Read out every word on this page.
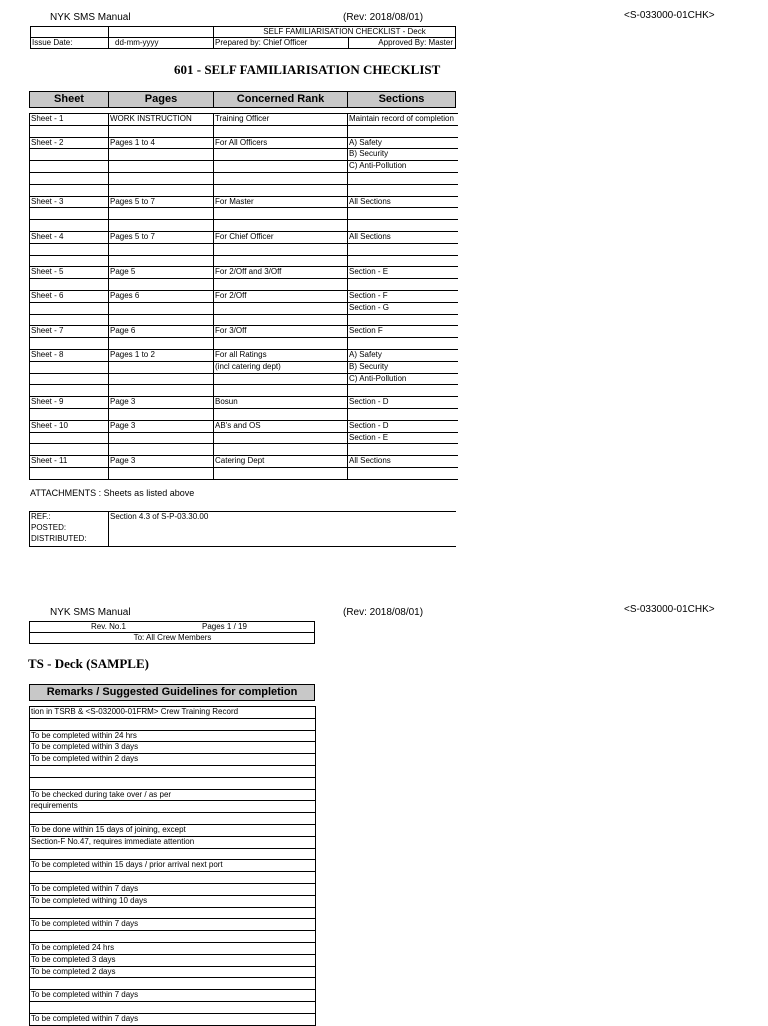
NYK SMS Manual	(Rev: 2018/08/01)	<S-033000-01CHK>
SELF FAMILIARISATION CHECKLIST - Deck
Issue Date:	dd-mm-yyyy	Prepared by: Chief Officer	Approved By: Master
601 - SELF FAMILIARISATION CHECKLIST
Sheet	Pages	Concerned Rank	Sections
Sheet - 1	WORK INSTRUCTION	Training Officer	Maintain record of completion

Sheet - 2	Pages 1 to 4	For All Officers	A) Safety
			B) Security
			C) Anti-Pollution

Sheet - 3	Pages 5 to 7	For Master	All Sections

Sheet - 4	Pages 5 to 7	For Chief Officer	All Sections

Sheet - 5	Page 5	For 2/Off and 3/Off	Section - E

Sheet - 6	Pages 6	For 2/Off	Section - F
			Section - G

Sheet - 7	Page 6	For 3/Off	Section F

Sheet - 8	Pages 1 to 2	For all Ratings	A) Safety
		(incl catering dept)	B) Security
			C) Anti-Pollution

Sheet - 9	Page 3	Bosun	Section - D

Sheet - 10	Page 3	AB's and OS	Section - D
			Section - E

Sheet - 11	Page 3	Catering Dept	All Sections

ATTACHMENTS : Sheets as listed above
REF.:	Section 4.3 of S-P-03.30.00
POSTED:
DISTRIBUTED:
NYK SMS Manual	(Rev: 2018/08/01)	<S-033000-01CHK>
Rev. No.1	Pages 1 / 19
To: All Crew Members
TS - Deck (SAMPLE)
Remarks / Suggested Guidelines for completion
tion in TSRB & <S-032000-01FRM> Crew Training Record

To be completed within 24 hrs
To be completed within 3 days
To be completed within 2 days

To be checked during take over / as per
requirements

To be done within 15 days of joining, except
Section-F No.47, requires immediate attention

To be completed within 15 days / prior arrival next port

To be completed within 7 days
To be completed withing 10 days

To be completed within 7 days

To be completed 24 hrs
To be completed 3 days
To be completed 2 days

To be completed within 7 days

To be completed within 7 days
